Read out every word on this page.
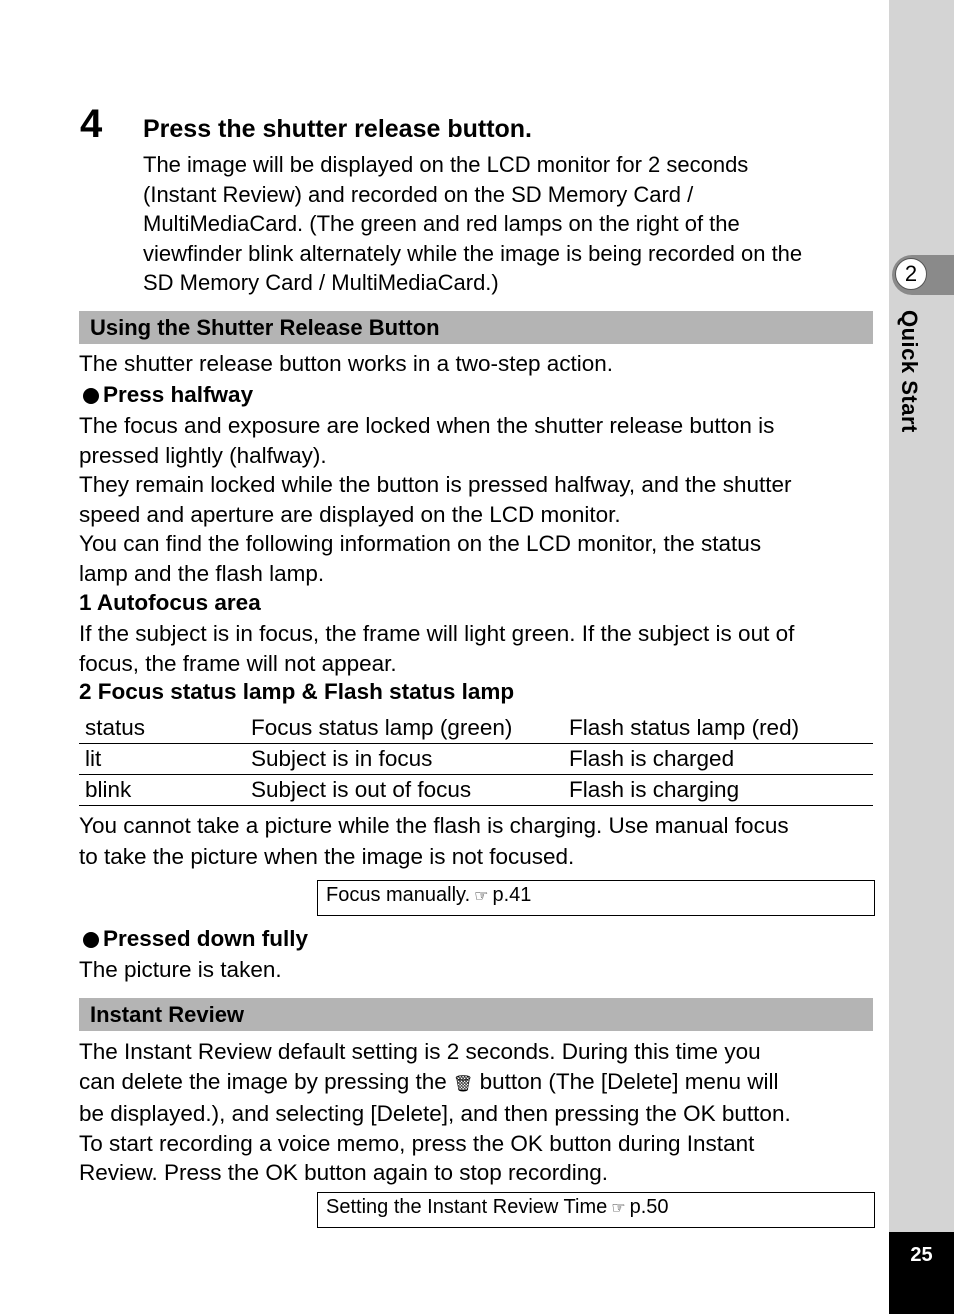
2
Quick Start
25
4 Press the shutter release button.
The image will be displayed on the LCD monitor for 2 seconds
(Instant Review) and recorded on the SD Memory Card /
MultiMediaCard. (The green and red lamps on the right of the
viewfinder blink alternately while the image is being recorded on the
SD Memory Card / MultiMediaCard.)
Using the Shutter Release Button
The shutter release button works in a two-step action.
Press halfway
The focus and exposure are locked when the shutter release button is
pressed lightly (halfway).
They remain locked while the button is pressed halfway, and the shutter
speed and aperture are displayed on the LCD monitor.
You can find the following information on the LCD monitor, the status
lamp and the flash lamp.
1 Autofocus area
If the subject is in focus, the frame will light green. If the subject is out of
focus, the frame will not appear.
2 Focus status lamp & Flash status lamp
status	Focus status lamp (green)	Flash status lamp (red)
lit	Subject is in focus	Flash is charged
blink	Subject is out of focus	Flash is charging
You cannot take a picture while the flash is charging. Use manual focus
to take the picture when the image is not focused.
Focus manually. ☞ p.41
Pressed down fully
The picture is taken.
Instant Review
The Instant Review default setting is 2 seconds. During this time you
can delete the image by pressing the 🗑 button (The [Delete] menu will
be displayed.), and selecting [Delete], and then pressing the OK button.
To start recording a voice memo, press the OK button during Instant
Review. Press the OK button again to stop recording.
Setting the Instant Review Time ☞ p.50
